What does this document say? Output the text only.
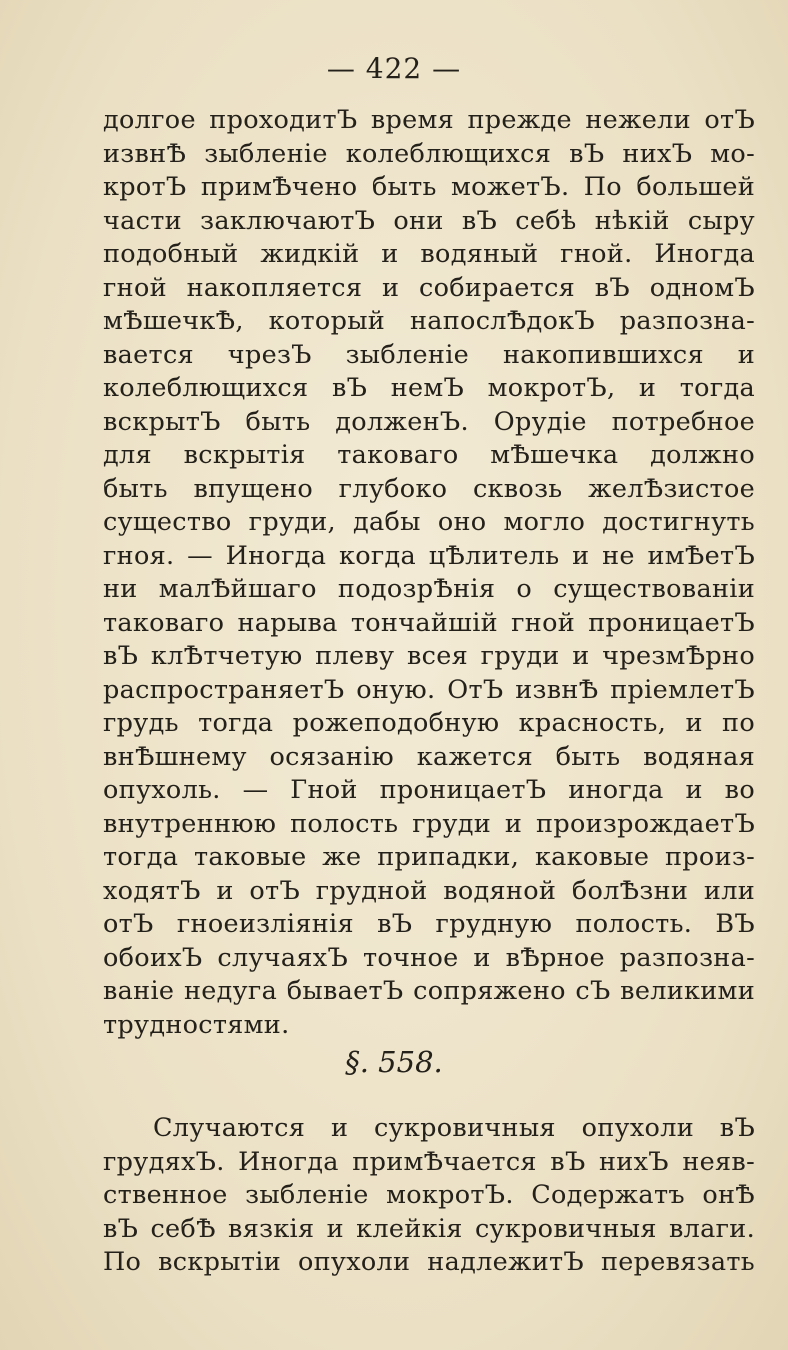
— 422 —
долгое проходитЪ время прежде нежели отЪ
извнѢ зыбленіе колеблющихся вЪ нихЪ мо-
кротЪ примѢчено быть можетЪ. По большей
части заключаютЪ они вЪ себѣ нѣкій сыру
подобный жидкій и водяный гной. Иногда
гной накопляется и собирается вЪ одномЪ
мѢшечкѢ, который напослѢдокЪ разпозна-
вается чрезЪ зыбленіе накопившихся и
колеблющихся вЪ немЪ мокротЪ, и тогда
вскрытЪ быть долженЪ. Орудіе потребное
для вскрытія таковаго мѢшечка должно
быть впущено глубоко сквозь желѢзистое
существо груди, дабы оно могло достигнуть
гноя. — Иногда когда цѢлитель и не имѢетЪ
ни малѢйшаго подозрѢнія о существованіи
таковаго нарыва тончайшій гной проницаетЪ
вЪ клѢтчетую плеву всея груди и чрезмѢрно
распространяетЪ оную. ОтЪ извнѢ пріемлетЪ
грудь тогда рожеподобную красность, и по
внѢшнему осязанію кажется быть водяная
опухоль. — Гной проницаетЪ иногда и во
внутреннюю полость груди и произрождаетЪ
тогда таковые же припадки, каковые произ-
ходятЪ и отЪ грудной водяной болѢзни или
отЪ гноеизліянія вЪ грудную полость. ВЪ
обоихЪ случаяхЪ точное и вѢрное разпозна-
ваніе недуга бываетЪ сопряжено сЪ великими
трудностями.
§. 558.
Случаются и сукровичныя опухоли вЪ
грудяхЪ. Иногда примѢчается вЪ нихЪ неяв-
ственное зыбленіе мокротЪ. Содержатъ онѢ
вЪ себѢ вязкія и клейкія сукровичныя влаги.
По вскрытіи опухоли надлежитЪ перевязать
